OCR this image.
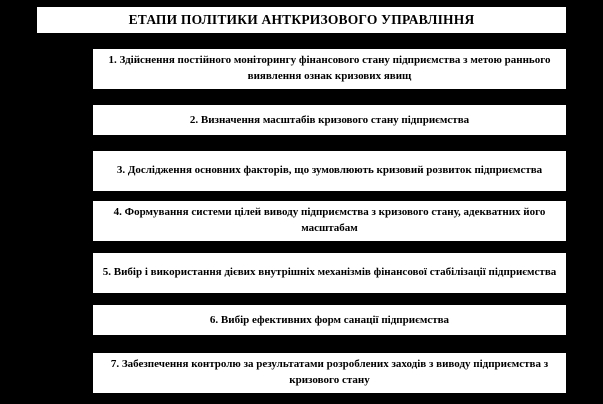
ЕТАПИ ПОЛІТИКИ АНТКРИЗОВОГО УПРАВЛІННЯ
1. Здійснення постійного моніторингу фінансового стану підприємства з метою раннього виявлення ознак кризових явищ
2. Визначення масштабів кризового стану підприємства
3. Дослідження основних факторів, що зумовлюють кризовий розвиток підприємства
4. Формування системи цілей виводу підприємства з кризового стану, адекватних його масштабам
5. Вибір і використання дієвих внутрішніх механізмів фінансової стабілізації підприємства
6. Вибір ефективних форм санації підприємства
7. Забезпечення контролю за результатами розроблених заходів з виводу підприємства з кризового стану
